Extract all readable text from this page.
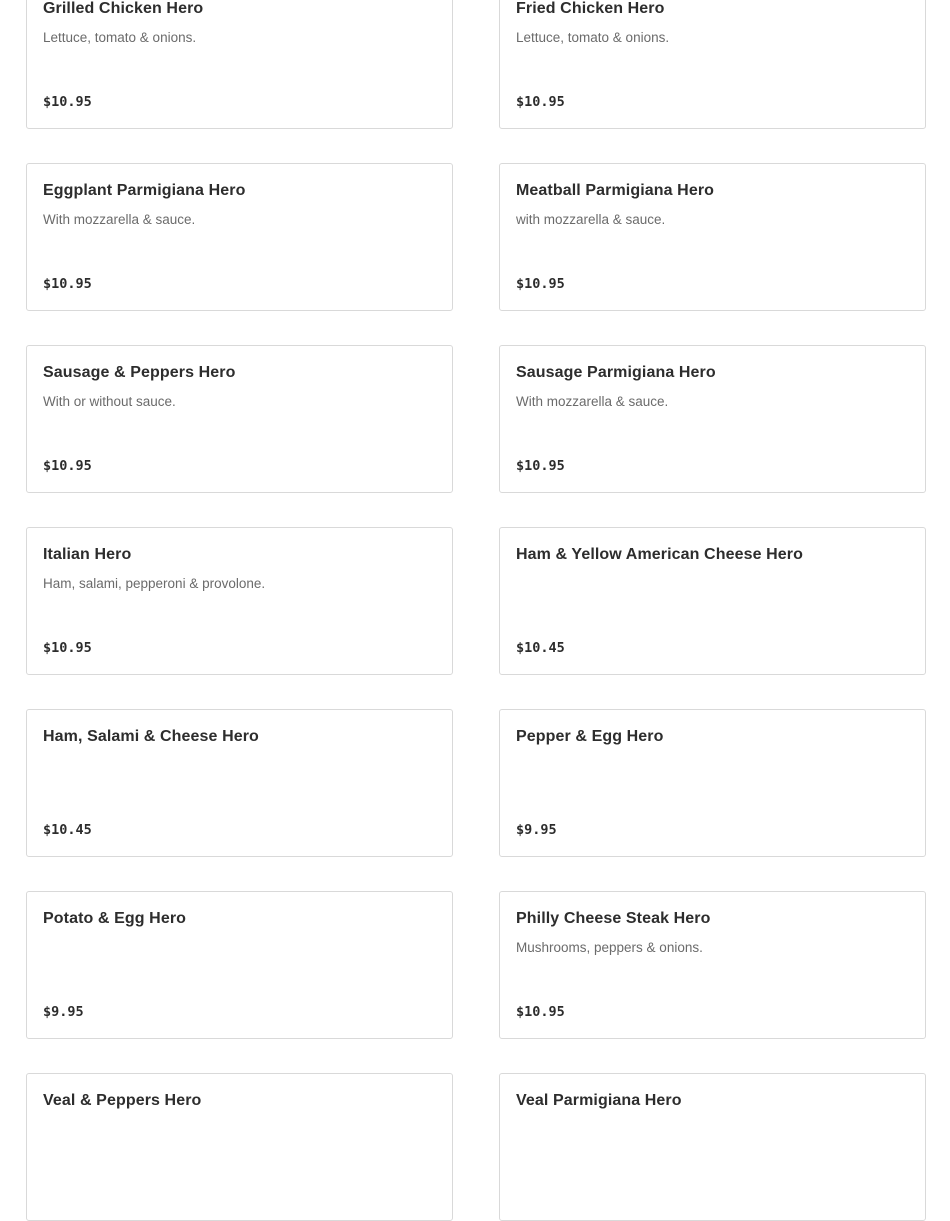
Grilled Chicken Hero
Lettuce, tomato & onions.
$10.95
Fried Chicken Hero
Lettuce, tomato & onions.
$10.95
Eggplant Parmigiana Hero
With mozzarella & sauce.
$10.95
Meatball Parmigiana Hero
with mozzarella & sauce.
$10.95
Sausage & Peppers Hero
With or without sauce.
$10.95
Sausage Parmigiana Hero
With mozzarella & sauce.
$10.95
Italian Hero
Ham, salami, pepperoni & provolone.
$10.95
Ham & Yellow American Cheese Hero
$10.45
Ham, Salami & Cheese Hero
$10.45
Pepper & Egg Hero
$9.95
Potato & Egg Hero
$9.95
Philly Cheese Steak Hero
Mushrooms, peppers & onions.
$10.95
Veal & Peppers Hero	Veal Parmigiana Hero
